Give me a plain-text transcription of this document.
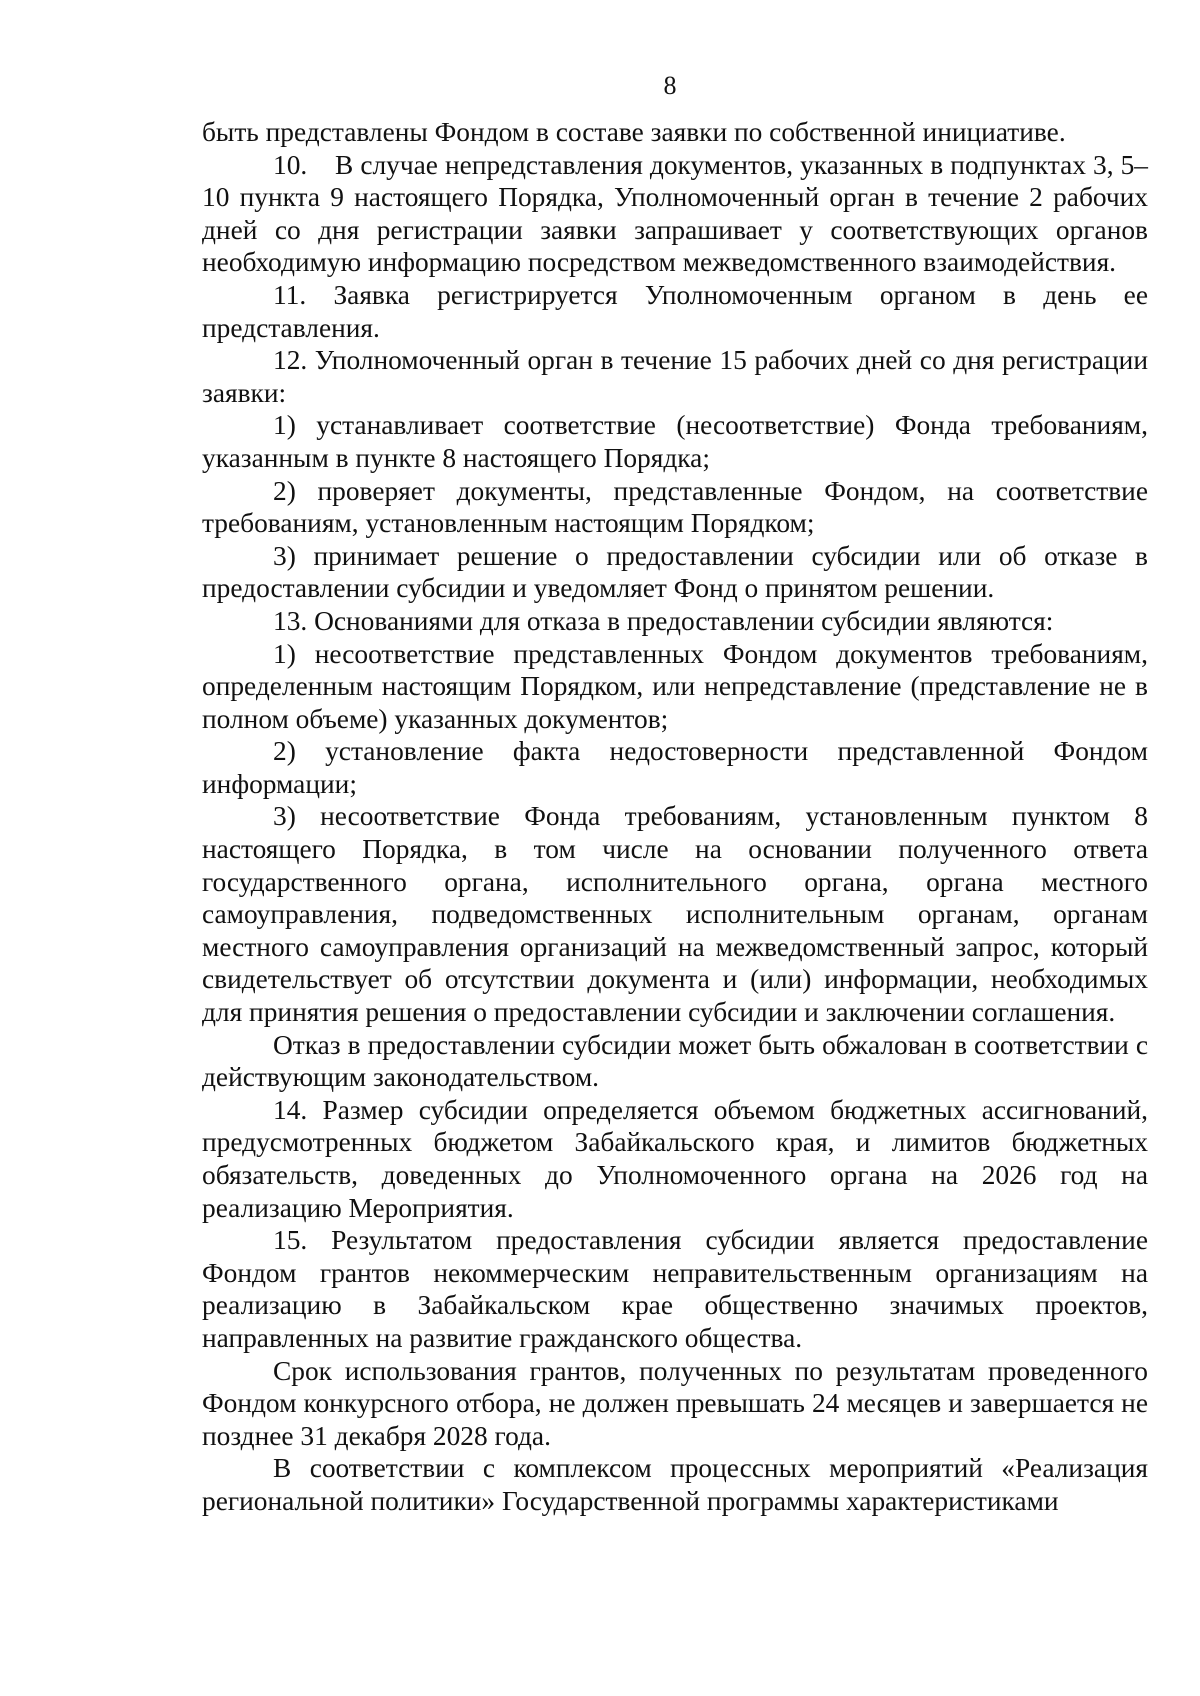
8

быть представлены Фондом в составе заявки по собственной инициативе.

10. В случае непредставления документов, указанных в подпунктах 3, 5–10 пункта 9 настоящего Порядка, Уполномоченный орган в течение 2 рабочих дней со дня регистрации заявки запрашивает у соответствующих органов необходимую информацию посредством межведомственного взаимодействия.

11. Заявка регистрируется Уполномоченным органом в день ее представления.

12. Уполномоченный орган в течение 15 рабочих дней со дня регистрации заявки:

1) устанавливает соответствие (несоответствие) Фонда требованиям, указанным в пункте 8 настоящего Порядка;

2) проверяет документы, представленные Фондом, на соответствие требованиям, установленным настоящим Порядком;

3) принимает решение о предоставлении субсидии или об отказе в предоставлении субсидии и уведомляет Фонд о принятом решении.

13. Основаниями для отказа в предоставлении субсидии являются:

1) несоответствие представленных Фондом документов требованиям, определенным настоящим Порядком, или непредставление (представление не в полном объеме) указанных документов;

2) установление факта недостоверности представленной Фондом информации;

3) несоответствие Фонда требованиям, установленным пунктом 8 настоящего Порядка, в том числе на основании полученного ответа государственного органа, исполнительного органа, органа местного самоуправления, подведомственных исполнительным органам, органам местного самоуправления организаций на межведомственный запрос, который свидетельствует об отсутствии документа и (или) информации, необходимых для принятия решения о предоставлении субсидии и заключении соглашения.

Отказ в предоставлении субсидии может быть обжалован в соответствии с действующим законодательством.

14. Размер субсидии определяется объемом бюджетных ассигнований, предусмотренных бюджетом Забайкальского края, и лимитов бюджетных обязательств, доведенных до Уполномоченного органа на 2026 год на реализацию Мероприятия.

15. Результатом предоставления субсидии является предоставление Фондом грантов некоммерческим неправительственным организациям на реализацию в Забайкальском крае общественно значимых проектов, направленных на развитие гражданского общества.

Срок использования грантов, полученных по результатам проведенного Фондом конкурсного отбора, не должен превышать 24 месяцев и завершается не позднее 31 декабря 2028 года.

В соответствии с комплексом процессных мероприятий «Реализация региональной политики» Государственной программы характеристиками
